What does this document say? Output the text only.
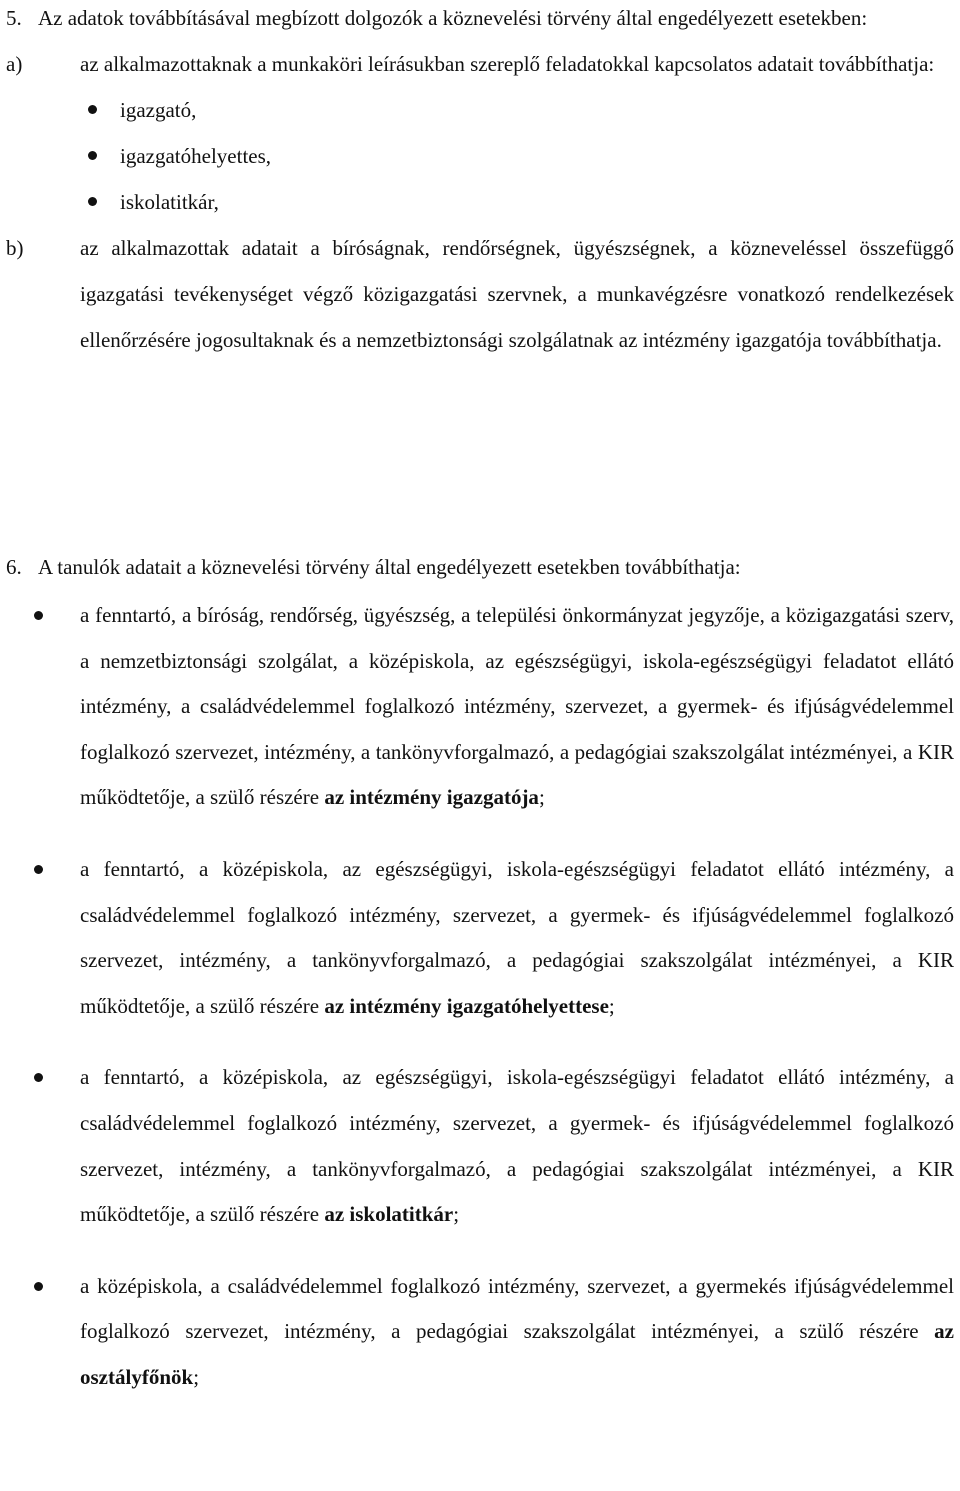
5. Az adatok továbbításával megbízott dolgozók a köznevelési törvény által engedélyezett esetekben:
a)	az alkalmazottaknak a munkaköri leírásukban szereplő feladatokkal kapcsolatos adatait továbbíthatja:
igazgató,
igazgatóhelyettes,
iskolatitkár,
b)	az alkalmazottak adatait a bíróságnak, rendőrségnek, ügyészségnek, a közneveléssel összefüggő igazgatási tevékenységet végző közigazgatási szervnek, a munkavégzésre vonatkozó rendelkezések ellenőrzésére jogosultaknak és a nemzetbiztonsági szolgálatnak az intézmény igazgatója továbbíthatja.
6. A tanulók adatait a köznevelési törvény által engedélyezett esetekben továbbíthatja:
a fenntartó, a bíróság, rendőrség, ügyészség, a települési önkormányzat jegyzője, a közigazgatási szerv, a nemzetbiztonsági szolgálat, a középiskola, az egészségügyi, iskola-egészségügyi feladatot ellátó intézmény, a családvédelemmel foglalkozó intézmény, szervezet, a gyermek- és ifjúságvédelemmel foglalkozó szervezet, intézmény, a tankönyvforgalmazó, a pedagógiai szakszolgálat intézményei, a KIR működtetője, a szülő részére az intézmény igazgatója;
a fenntartó, a középiskola, az egészségügyi, iskola-egészségügyi feladatot ellátó intézmény, a családvédelemmel foglalkozó intézmény, szervezet, a gyermek- és ifjúságvédelemmel foglalkozó szervezet, intézmény, a tankönyvforgalmazó, a pedagógiai szakszolgálat intézményei, a KIR működtetője, a szülő részére az intézmény igazgatóhelyettese;
a fenntartó, a középiskola, az egészségügyi, iskola-egészségügyi feladatot ellátó intézmény, a családvédelemmel foglalkozó intézmény, szervezet, a gyermek- és ifjúságvédelemmel foglalkozó szervezet, intézmény, a tankönyvforgalmazó, a pedagógiai szakszolgálat intézményei, a KIR működtetője, a szülő részére az iskolatitkár;
a középiskola, a családvédelemmel foglalkozó intézmény, szervezet, a gyermekés ifjúságvédelemmel foglalkozó szervezet, intézmény, a pedagógiai szakszolgálat intézményei, a szülő részére az osztályfőnök;
